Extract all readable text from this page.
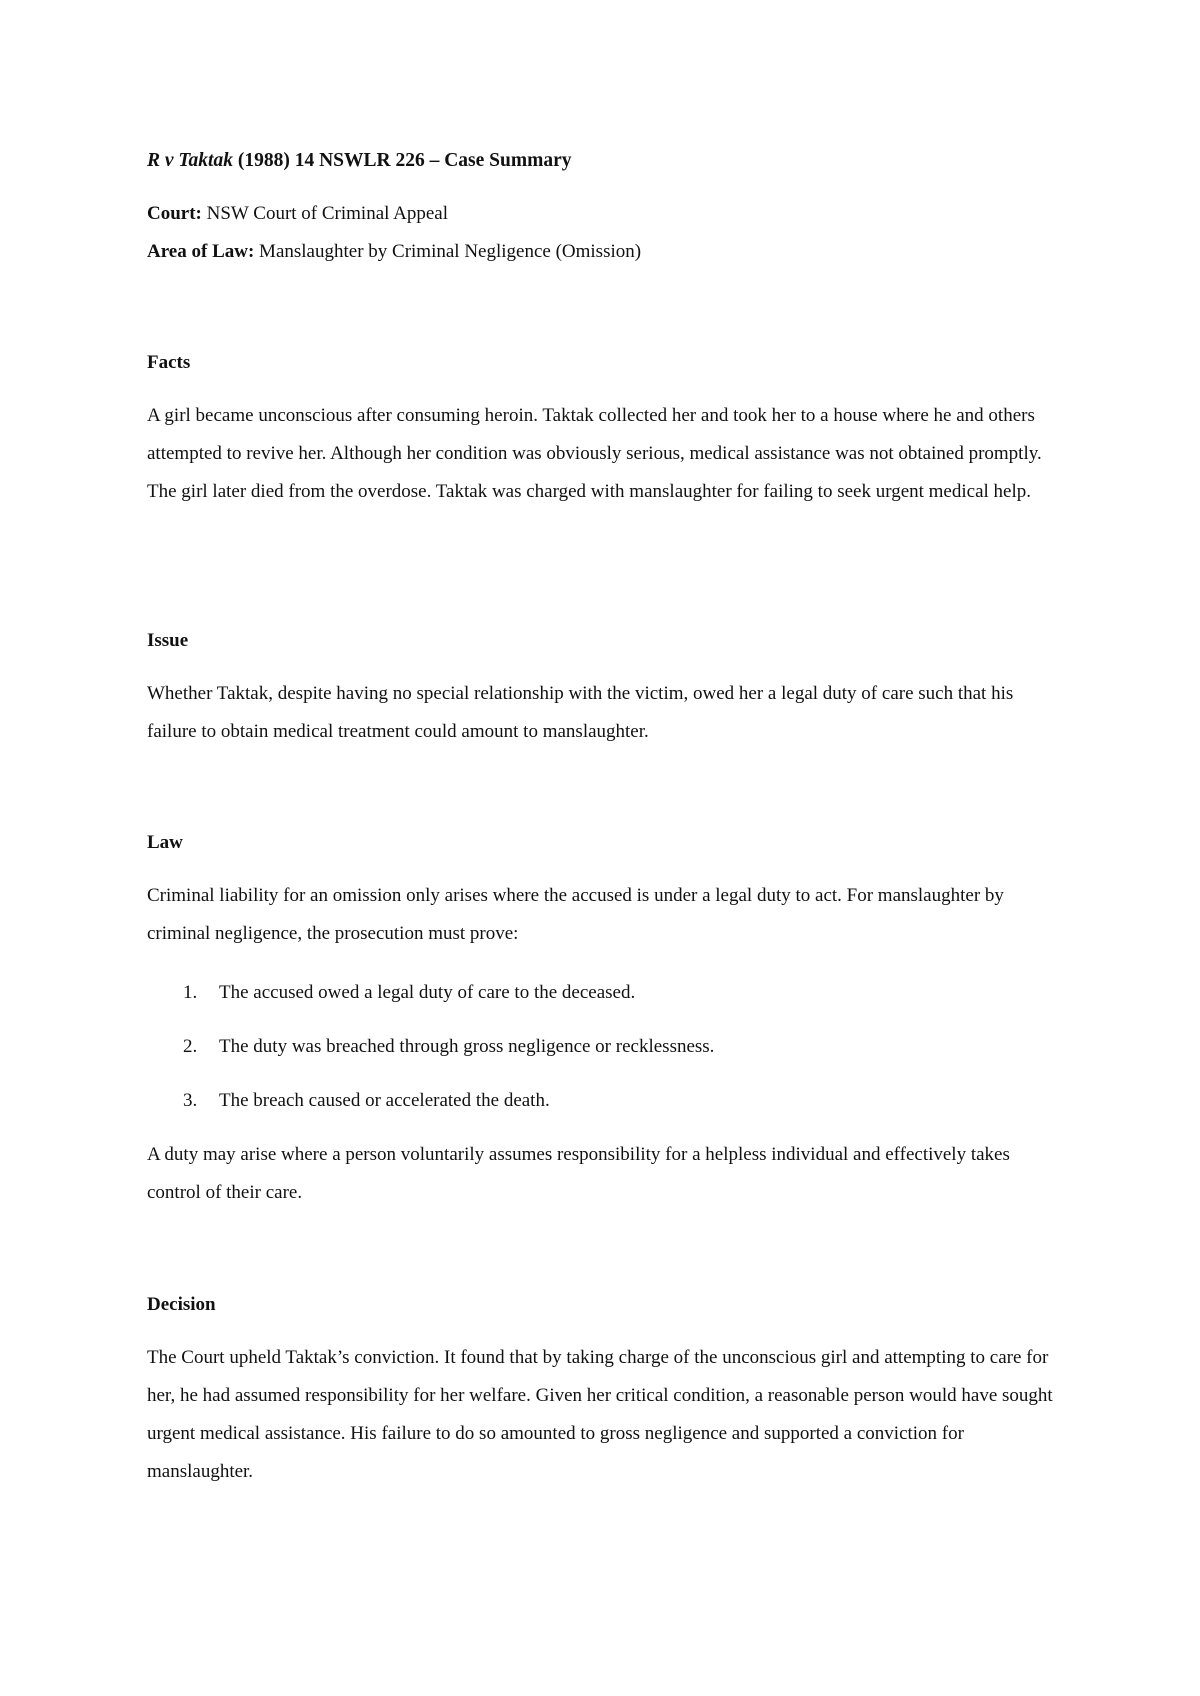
R v Taktak (1988) 14 NSWLR 226 – Case Summary
Court: NSW Court of Criminal Appeal
Area of Law: Manslaughter by Criminal Negligence (Omission)
Facts

A girl became unconscious after consuming heroin. Taktak collected her and took her to a house where he and others attempted to revive her. Although her condition was obviously serious, medical assistance was not obtained promptly. The girl later died from the overdose. Taktak was charged with manslaughter for failing to seek urgent medical help.

Issue

Whether Taktak, despite having no special relationship with the victim, owed her a legal duty of care such that his failure to obtain medical treatment could amount to manslaughter.

Law

Criminal liability for an omission only arises where the accused is under a legal duty to act. For manslaughter by criminal negligence, the prosecution must prove:

1. The accused owed a legal duty of care to the deceased.
2. The duty was breached through gross negligence or recklessness.
3. The breach caused or accelerated the death.

A duty may arise where a person voluntarily assumes responsibility for a helpless individual and effectively takes control of their care.

Decision

The Court upheld Taktak’s conviction. It found that by taking charge of the unconscious girl and attempting to care for her, he had assumed responsibility for her welfare. Given her critical condition, a reasonable person would have sought urgent medical assistance. His failure to do so amounted to gross negligence and supported a conviction for manslaughter.
